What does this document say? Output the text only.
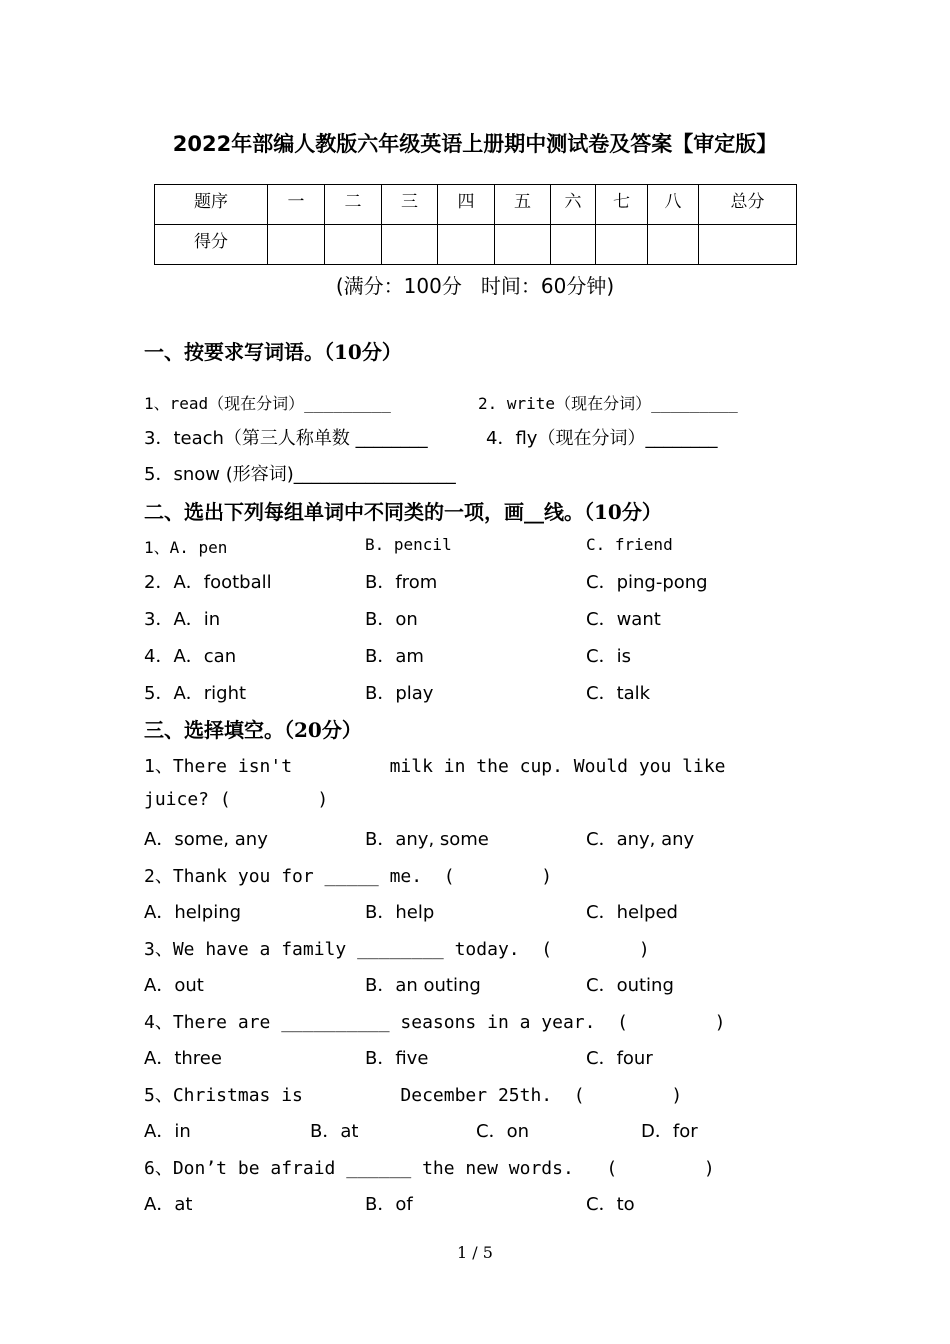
2022年部编人教版六年级英语上册期中测试卷及答案【审定版】
题序	一	二	三	四	五	六	七	八	总分
得分									
(满分：100分   时间：60分钟)
一、按要求写词语。（10分）
1、read（现在分词）_________	2. write（现在分词）_________
3．teach（第三人称单数 ________	4．fly（现在分词）________
5．snow (形容词)__________________
二、选出下列每组单词中不同类的一项，画__线。（10分）
1、A. pen	B. pencil	C. friend
2．A．football	B．from	C．ping-pong
3．A．in	B．on	C．want
4．A．can	B．am	C．is
5．A．right	B．play	C．talk
三、选择填空。（20分）
1、There isn't         milk in the cup. Would you like
juice? (        )
A．some, any	B．any, some	C．any, any
2、Thank you for _____ me.  (        )
A．helping	B．help	C．helped
3、We have a family ________ today.  (        )
A．out	B．an outing	C．outing
4、There are __________ seasons in a year.  (        )
A．three	B．five	C．four
5、Christmas is         December 25th.  (        )
A．in	B．at	C．on	D．for
6、Don’t be afraid ______ the new words.   (        )
A．at	B．of	C．to
1 / 5
